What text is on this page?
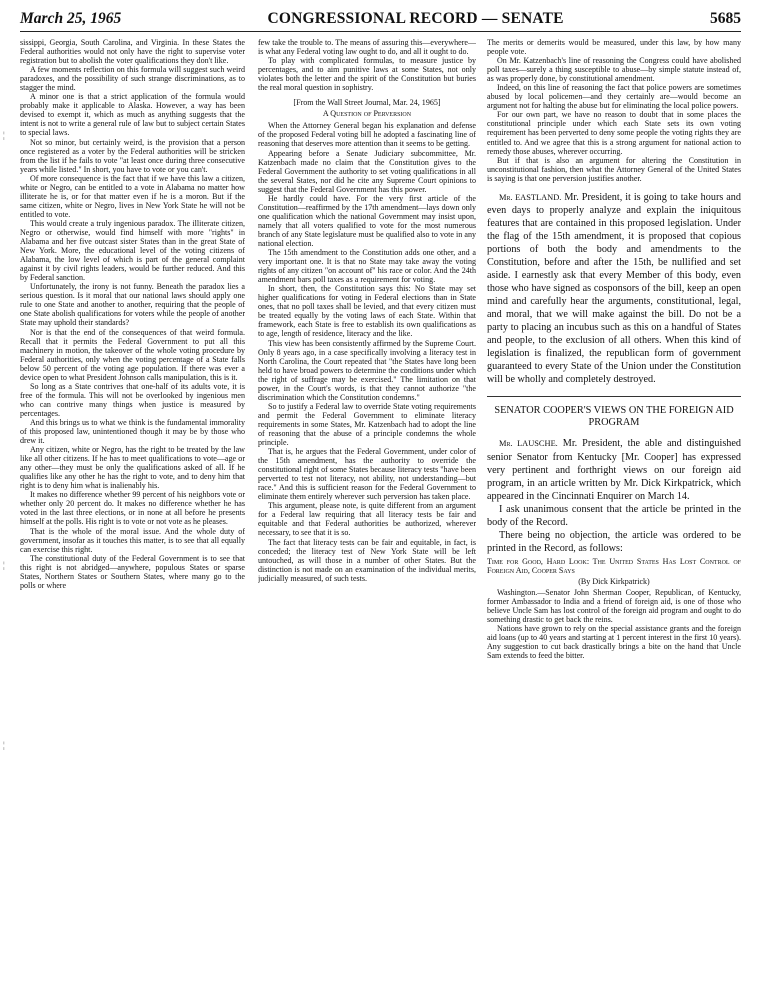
March 25, 1965	CONGRESSIONAL RECORD — SENATE	5685
¦
¦
¦

sissippi, Georgia, South Carolina, and Virginia. In these States the Federal authorities would not only have the right to supervise voter registration but to abolish the voter qualifications they don't like.

A few moments reflection on this formula will suggest such weird paradoxes, and the possibility of such strange discriminations, as to stagger the mind.

A minor one is that a strict application of the formula would probably make it applicable to Alaska. However, a way has been devised to exempt it, which as much as anything suggests that the intent is not to write a general rule of law but to subject certain States to special laws.

Not so minor, but certainly weird, is the provision that a person once registered as a voter by the Federal authorities will be stricken from the list if he fails to vote "at least once during three consecutive years while listed." In short, you have to vote or you can't.

Of more consequence is the fact that if we have this law a citizen, white or Negro, can be entitled to a vote in Alabama no matter how illiterate he is, or for that matter even if he is a moron. But if the same citizen, white or Negro, lives in New York State he will not be entitled to vote.

This would create a truly ingenious paradox. The illiterate citizen, Negro or otherwise, would find himself with more "rights" in Alabama and her five outcast sister States than in the great State of New York. More, the educational level of the voting citizens of Alabama, the low level of which is part of the general complaint against it by civil rights leaders, would be further reduced. And this by Federal sanction.

Unfortunately, the irony is not funny. Beneath the paradox lies a serious question. Is it moral that our national laws should apply one rule to one State and another to another, requiring that the people of one State abolish qualifications for voters while the people of another State may uphold their standards?

Nor is that the end of the consequences of that weird formula. Recall that it permits the Federal Government to put all this machinery in motion, the takeover of the whole voting procedure by Federal authorities, only when the voting percentage of a State falls below 50 percent of the voting age population. If there was ever a device open to what President Johnson calls manipulation, this is it.

So long as a State contrives that one-half of its adults vote, it is free of the formula. This will not be overlooked by ingenious men who can contrive many things when justice is measured by percentages.

And this brings us to what we think is the fundamental immorality of this proposed law, unintentioned though it may be by those who drew it.

Any citizen, white or Negro, has the right to be treated by the law like all other citizens. If he has to meet qualifications to vote—age or any other—they must be only the qualifications asked of all. If he qualifies like any other he has the right to vote, and to deny him that right is to deny him what is inalienably his.

It makes no difference whether 99 percent of his neighbors vote or whether only 20 percent do. It makes no difference whether he has voted in the last three elections, or in none at all before he presents himself at the polls. His right is to vote or not vote as he pleases.

That is the whole of the moral issue. And the whole duty of government, insofar as it touches this matter, is to see that all equally can exercise this right.

The constitutional duty of the Federal Government is to see that this right is not abridged—anywhere, populous States or sparse States, Northern States or Southern States, where many go to the polls or where

few take the trouble to. The means of assuring this—everywhere—is what any Federal voting law ought to do, and all it ought to do.

To play with complicated formulas, to measure justice by percentages, and to aim punitive laws at some States, not only violates both the letter and the spirit of the Constitution but buries the real moral question in sophistry.

[From the Wall Street Journal, Mar. 24, 1965]

A Question of Perversion

When the Attorney General began his explanation and defense of the proposed Federal voting bill he adopted a fascinating line of reasoning that deserves more attention than it seems to be getting.

Appearing before a Senate Judiciary subcommittee, Mr. Katzenbach made no claim that the Constitution gives to the Federal Government the authority to set voting qualifications in all the several States, nor did he cite any Supreme Court opinions to suggest that the Federal Government has this power.

He hardly could have. For the very first article of the Constitution—reaffirmed by the 17th amendment—lays down only one qualification which the national Government may insist upon, namely that all voters qualified to vote for the most numerous branch of any State legislature must be qualified also to vote in any national election.

The 15th amendment to the Constitution adds one other, and a very important one. It is that no State may take away the voting rights of any citizen "on account of" his race or color. And the 24th amendment bars poll taxes as a requirement for voting.

In short, then, the Constitution says this: No State may set higher qualifications for voting in Federal elections than in State ones, that no poll taxes shall be levied, and that every citizen must be treated equally by the voting laws of each State. Within that framework, each State is free to establish its own qualifications as to age, length of residence, literacy and the like.

This view has been consistently affirmed by the Supreme Court. Only 8 years ago, in a case specifically involving a literacy test in North Carolina, the Court repeated that "the States have long been held to have broad powers to determine the conditions under which the right of suffrage may be exercised." The limitation on that power, in the Court's words, is that they cannot authorize "the discrimination which the Constitution condemns."

So to justify a Federal law to override State voting requirements and permit the Federal Government to eliminate literacy requirements in some States, Mr. Katzenbach had to adopt the line of reasoning that the abuse of a principle condemns the whole principle.

That is, he argues that the Federal Government, under color of the 15th amendment, has the authority to override the constitutional right of some States because literacy tests "have been perverted to test not literacy, not ability, not understanding—but race." And this is sufficient reason for the Federal Government to eliminate them entirely wherever such perversion has taken place.

This argument, please note, is quite different from an argument for a Federal law requiring that all literacy tests be fair and equitable and that Federal authorities be authorized, wherever necessary, to see that it is so.

The fact that literacy tests can be fair and equitable, in fact, is conceded; the literacy test of New York State will be left untouched, as will those in a number of other States. But the distinction is not made on an examination of the individual merits, judicially measured, of such tests.

The merits or demerits would be measured, under this law, by how many people vote.

On Mr. Katzenbach's line of reasoning the Congress could have abolished poll taxes—surely a thing susceptible to abuse—by simple statute instead of, as was properly done, by constitutional amendment.

Indeed, on this line of reasoning the fact that police powers are sometimes abused by local policemen—and they certainly are—would become an argument not for halting the abuse but for eliminating the local police powers.

For our own part, we have no reason to doubt that in some places the constitutional principle under which each State sets its own voting requirement has been perverted to deny some people the voting rights they are entitled to. And we agree that this is a strong argument for national action to remedy those abuses, wherever occurring.

But if that is also an argument for altering the Constitution in unconstitutional fashion, then what the Attorney General of the United States is saying is that one perversion justifies another.

Mr. EASTLAND. Mr. President, it is going to take hours and even days to properly analyze and explain the iniquitous features that are contained in this proposed legislation. Under the flag of the 15th amendment, it is proposed that copious portions of both the body and amendments to the Constitution, before and after the 15th, be nullified and set aside. I earnestly ask that every Member of this body, even those who have signed as cosponsors of the bill, keep an open mind and carefully hear the arguments, constitutional, legal, and moral, that we will make against the bill. Do not be a party to placing an incubus such as this on a handful of States and people, to the exclusion of all others. When this kind of legislation is finalized, the republican form of government guaranteed to every State of the Union under the Constitution will be wholly and completely destroyed.

SENATOR COOPER'S VIEWS ON THE FOREIGN AID PROGRAM

Mr. LAUSCHE. Mr. President, the able and distinguished senior Senator from Kentucky [Mr. Cooper] has expressed very pertinent and forthright views on our foreign aid program, in an article written by Mr. Dick Kirkpatrick, which appeared in the Cincinnati Enquirer on March 14.

I ask unanimous consent that the article be printed in the body of the Record.

There being no objection, the article was ordered to be printed in the Record, as follows:

Time for Good, Hard Look: The United States Has Lost Control of Foreign Aid, Cooper Says

(By Dick Kirkpatrick)

Washington.—Senator John Sherman Cooper, Republican, of Kentucky, former Ambassador to India and a friend of foreign aid, is one of those who believe Uncle Sam has lost control of the foreign aid program and ought to do something drastic to get back the reins.

Nations have grown to rely on the special assistance grants and the foreign aid loans (up to 40 years and starting at 1 percent interest in the first 10 years). Any suggestion to cut back drastically brings a bite on the hand that Uncle Sam extends to feed the bitter.
